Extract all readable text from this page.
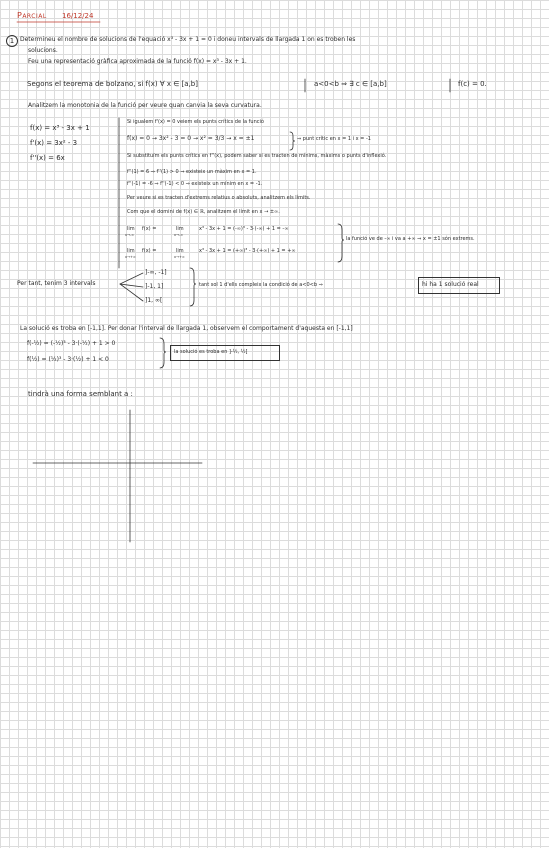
Parcial 16/12/24
1 Determineu el nombre de solucions de l'equació x³ - 3x + 1 = 0 i doneu intervals de llargada 1 on es troben les
solucions.
Feu una representació gràfica aproximada de la funció f(x) = x³ - 3x + 1.
Segons el teorema de bolzano, si f(x) ∀ x ∈ [a,b]	a<0<b ⇒ ∃ c ∈ [a,b]	f(c) = 0.
Analitzem la monotonia de la funció per veure quan canvia la seva curvatura.
f(x) = x³ - 3x + 1
f'(x) = 3x² - 3
f''(x) = 6x
Si igualem f'(x) = 0 veiem els punts crítics de la funció
f(x) = 0 → 3x² - 3 = 0 → x² = 3/3 → x = ±1	⇒ punt crític en x = 1 i x = -1
Si substituïm els punts crítics en f''(x), podem saber si es tracten de mínims, màxims o punts d'inflexió.
f''(1) = 6 ⇒ f''(1) > 0 ⇒ existeix un màxim en x = 1.
f''(-1) = -6 ⇒ f''(-1) < 0 ⇒ existeix un mínim en x = -1.
Per veure si es tracten d'extrems relatius o absoluts, analitzem els límits.
Com que el domini de f(x) ∈ ℝ, analitzem el límit en x → ±∞.
lim
x→-∞
f(x) =	lim
x→-∞
x³ - 3x + 1 = (-∞)³ - 3·(-∞) + 1 = -∞
lim
x→+∞
f(x) =	lim
x→+∞
x³ - 3x + 1 = (+∞)³ - 3·(+∞) + 1 = +∞
la funció ve de -∞ i va a +∞ ⇒ x = ±1 són extrems.
Per tant, tenim 3 intervals
]-∞, -1]
]-1, 1]
]1, ∞[
tant sol 1 d'ells compleix la condició de a<0<b ⇒	hi ha 1 solució real
La solució es troba en [-1,1]. Per donar l'interval de llargada 1, observem el comportament d'aquesta en [-1,1]
f(-½) = (-½)³ - 3·(-½) + 1 > 0
f(½) = (½)³ - 3·(½) + 1 < 0
la solució es troba en ]-½, ½[
tindrà una forma semblant a :
